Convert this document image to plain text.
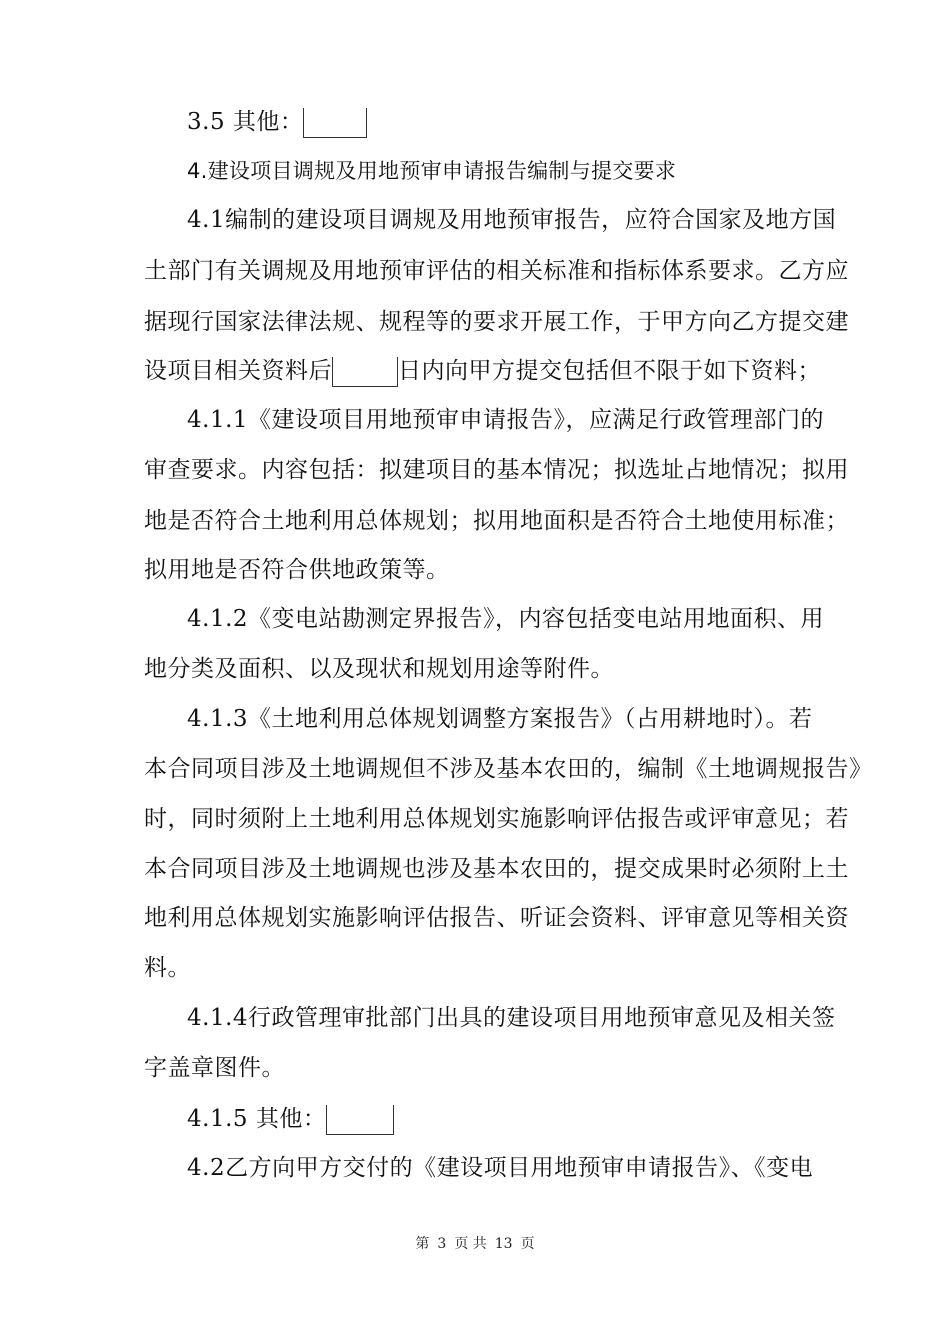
3.5 其他：
4.建设项目调规及用地预审申请报告编制与提交要求
4.1编制的建设项目调规及用地预审报告，应符合国家及地方国
土部门有关调规及用地预审评估的相关标准和指标体系要求。乙方应
据现行国家法律法规、规程等的要求开展工作，于甲方向乙方提交建
设项目相关资料后	日内向甲方提交包括但不限于如下资料；
4.1.1《建设项目用地预审申请报告》，应满足行政管理部门的
审查要求。内容包括：拟建项目的基本情况；拟选址占地情况；拟用
地是否符合土地利用总体规划；拟用地面积是否符合土地使用标准；
拟用地是否符合供地政策等。
4.1.2《变电站勘测定界报告》，内容包括变电站用地面积、用
地分类及面积、以及现状和规划用途等附件。
4.1.3《土地利用总体规划调整方案报告》（占用耕地时）。若
本合同项目涉及土地调规但不涉及基本农田的，编制《土地调规报告》
时，同时须附上土地利用总体规划实施影响评估报告或评审意见；若
本合同项目涉及土地调规也涉及基本农田的，提交成果时必须附上土
地利用总体规划实施影响评估报告、听证会资料、评审意见等相关资
料。
4.1.4行政管理审批部门出具的建设项目用地预审意见及相关签
字盖章图件。
4.1.5 其他：
4.2乙方向甲方交付的《建设项目用地预审申请报告》、《变电
第 3 页 共 13 页
